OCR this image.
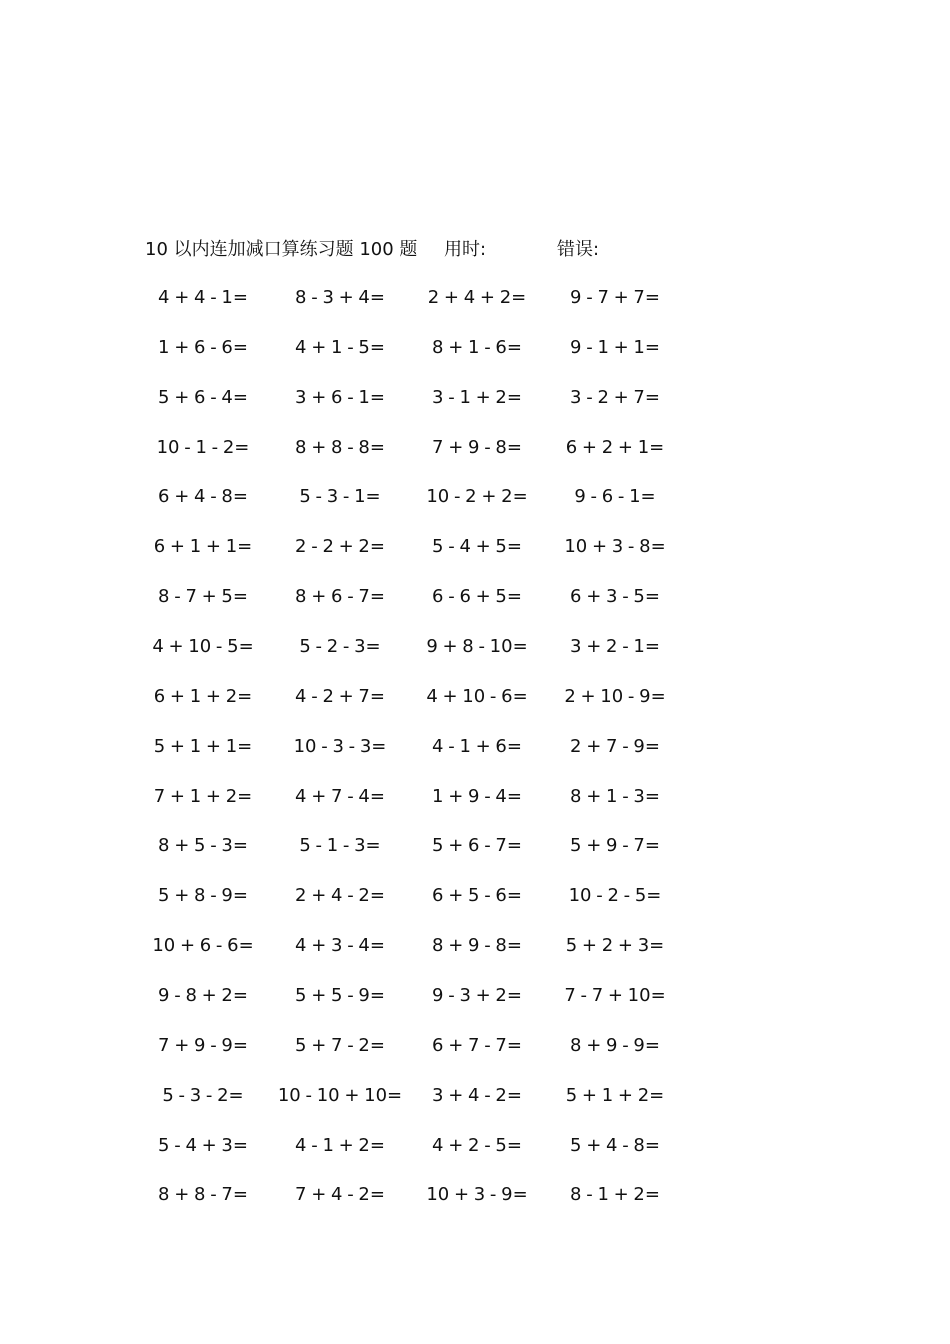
10 以内连加减口算练习题 100 题 用时:	错误:
4 + 4 - 1=	8 - 3 + 4=	2 + 4 + 2=	9 - 7 + 7=
1 + 6 - 6=	4 + 1 - 5=	8 + 1 - 6=	9 - 1 + 1=
5 + 6 - 4=	3 + 6 - 1=	3 - 1 + 2=	3 - 2 + 7=
10 - 1 - 2=	8 + 8 - 8=	7 + 9 - 8=	6 + 2 + 1=
6 + 4 - 8=	5 - 3 - 1=	10 - 2 + 2=	9 - 6 - 1=
6 + 1 + 1=	2 - 2 + 2=	5 - 4 + 5=	10 + 3 - 8=
8 - 7 + 5=	8 + 6 - 7=	6 - 6 + 5=	6 + 3 - 5=
4 + 10 - 5=	5 - 2 - 3=	9 + 8 - 10=	3 + 2 - 1=
6 + 1 + 2=	4 - 2 + 7=	4 + 10 - 6=	2 + 10 - 9=
5 + 1 + 1=	10 - 3 - 3=	4 - 1 + 6=	2 + 7 - 9=
7 + 1 + 2=	4 + 7 - 4=	1 + 9 - 4=	8 + 1 - 3=
8 + 5 - 3=	5 - 1 - 3=	5 + 6 - 7=	5 + 9 - 7=
5 + 8 - 9=	2 + 4 - 2=	6 + 5 - 6=	10 - 2 - 5=
10 + 6 - 6=	4 + 3 - 4=	8 + 9 - 8=	5 + 2 + 3=
9 - 8 + 2=	5 + 5 - 9=	9 - 3 + 2=	7 - 7 + 10=
7 + 9 - 9=	5 + 7 - 2=	6 + 7 - 7=	8 + 9 - 9=
5 - 3 - 2=	10 - 10 + 10=	3 + 4 - 2=	5 + 1 + 2=
5 - 4 + 3=	4 - 1 + 2=	4 + 2 - 5=	5 + 4 - 8=
8 + 8 - 7=	7 + 4 - 2=	10 + 3 - 9=	8 - 1 + 2=
